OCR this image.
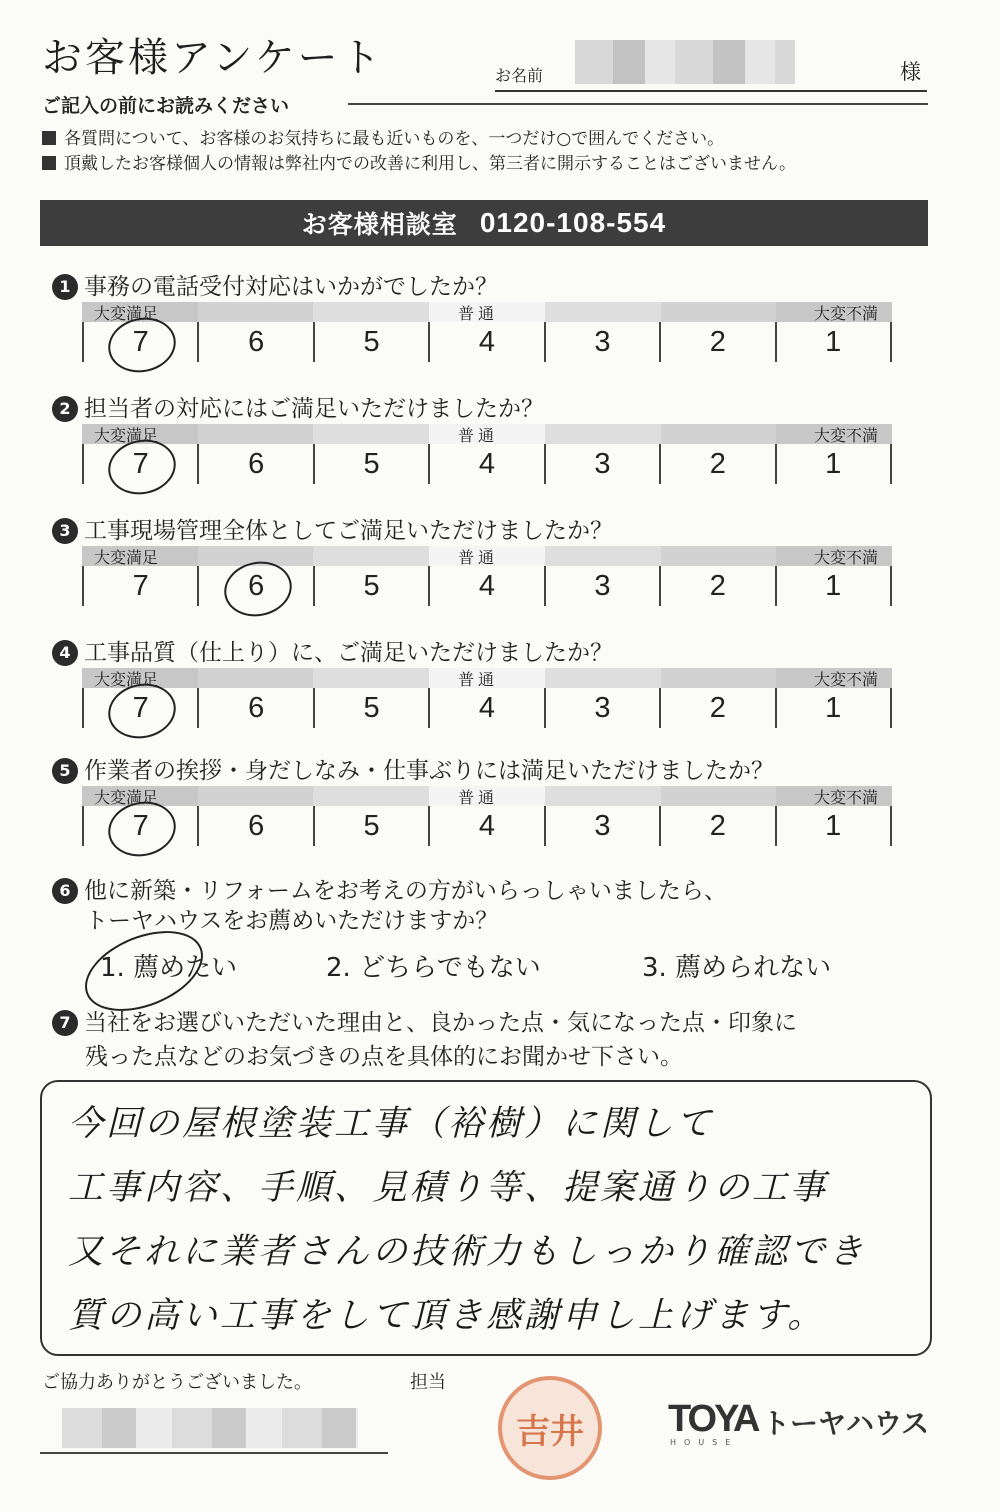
お客様アンケート	お名前	様
ご記入の前にお読みください
各質問について、お客様のお気持ちに最も近いものを、一つだけ○で囲んでください。
頂戴したお客様個人の情報は弊社内での改善に利用し、第三者に開示することはございません。
お客様相談室 0120-108-554
1 事務の電話受付対応はいかがでしたか？
大変満足	普通	大変不満
7	6	5	4	3	2	1
2 担当者の対応にはご満足いただけましたか？
大変満足	普通	大変不満
7	6	5	4	3	2	1
3 工事現場管理全体としてご満足いただけましたか？
大変満足	普通	大変不満
7	6	5	4	3	2	1
4 工事品質（仕上り）に、ご満足いただけましたか？
大変満足	普通	大変不満
7	6	5	4	3	2	1
5 作業者の挨拶・身だしなみ・仕事ぶりには満足いただけましたか？
大変満足	普通	大変不満
7	6	5	4	3	2	1
6 他に新築・リフォームをお考えの方がいらっしゃいましたら、
トーヤハウスをお薦めいただけますか？
1. 薦めたい	2. どちらでもない	3. 薦められない
7 当社をお選びいただいた理由と、良かった点・気になった点・印象に
残った点などのお気づきの点を具体的にお聞かせ下さい。
今回の屋根塗装工事（裕樹）に関して
工事内容、手順、見積り等、提案通りの工事
又それに業者さんの技術力もしっかり確認でき
質の高い工事をして頂き感謝申し上げます。
ご協力ありがとうございました。	担当
吉井 TOYA
HOUSE
トーヤハウス
